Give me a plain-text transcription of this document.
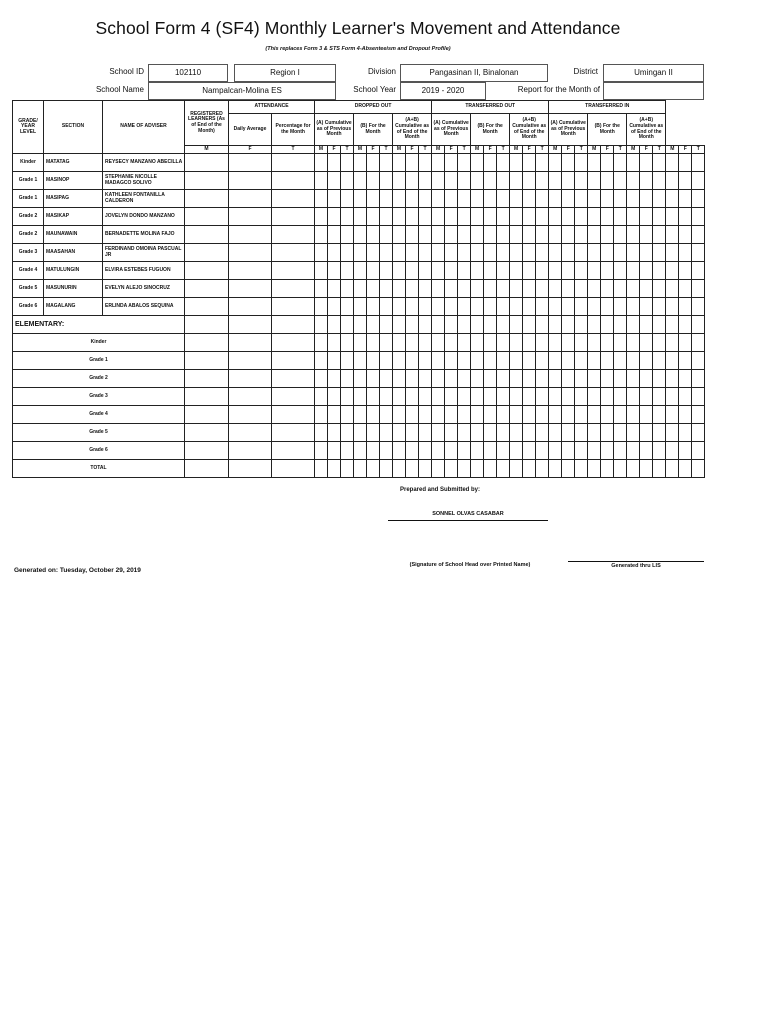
School Form 4 (SF4) Monthly Learner's Movement and Attendance
(This replaces Form 3 & STS Form 4-Absenteeism and Dropout Profile)
School ID	102110	Region I	Division	Pangasinan II, Binalonan	District	Umingan II
School Name	Nampalcan-Molina ES	School Year	2019 - 2020	Report for the Month of
GRADE/ YEAR LEVEL	SECTION	NAME OF ADVISER	REGISTERED LEARNERS (As of End of the Month)	ATTENDANCE		DROPPED OUT									TRANSFERRED OUT									TRANSFERRED IN											
				Daily Average	Percentage for the Month	(A) Cumulative as of Previous Month			(B) For the Month			(A+B) Cumulative as of End of the Month			(A) Cumulative as of Previous Month			(B) For the Month			(A+B) Cumulative as of End of the Month			(A) Cumulative as of Previous Month			(B) For the Month			(A+B) Cumulative as of End of the Month					
			M	F	T	M	F	T	M	F	T	M	F	T	M	F	T	M	F	T	M	F	T	M	F	T	M	F	T	M	F	T	M	F	T
Kinder	MATATAG	REYSECY MANZANO ABECILLA																																	
Grade 1	MASINOP	STEPHANIE NICOLLE MADAGCO SOLIVO																																	
Grade 1	MASIPAG	KATHLEEN FONTANILLA CALDERON																																	
Grade 2	MASIKAP	JOVELYN DONDO MANZANO																																	
Grade 2	MAUNAWAIN	BERNADETTE MOLINA FAJO																																	
Grade 3	MAASAHAN	FERDINAND OMOINA PASCUAL JR																																	
Grade 4	MATULUNGIN	ELVIRA ESTEBES FUGUON																																	
Grade 5	MASUNURIN	EVELYN ALEJO SINOCRUZ																																	
Grade 6	MAGALANG	ERLINDA ABALOS SEQUINA																																	
ELEMENTARY:																																			
Kinder																																			
Grade 1																																			
Grade 2																																			
Grade 3																																			
Grade 4																																			
Grade 5																																			
Grade 6																																			
TOTAL																																			
Prepared and Submitted by:
SONNEL OLVAS CASABAR
(Signature of School Head over Printed Name)	Generated thru LIS
Generated on: Tuesday, October 29, 2019
